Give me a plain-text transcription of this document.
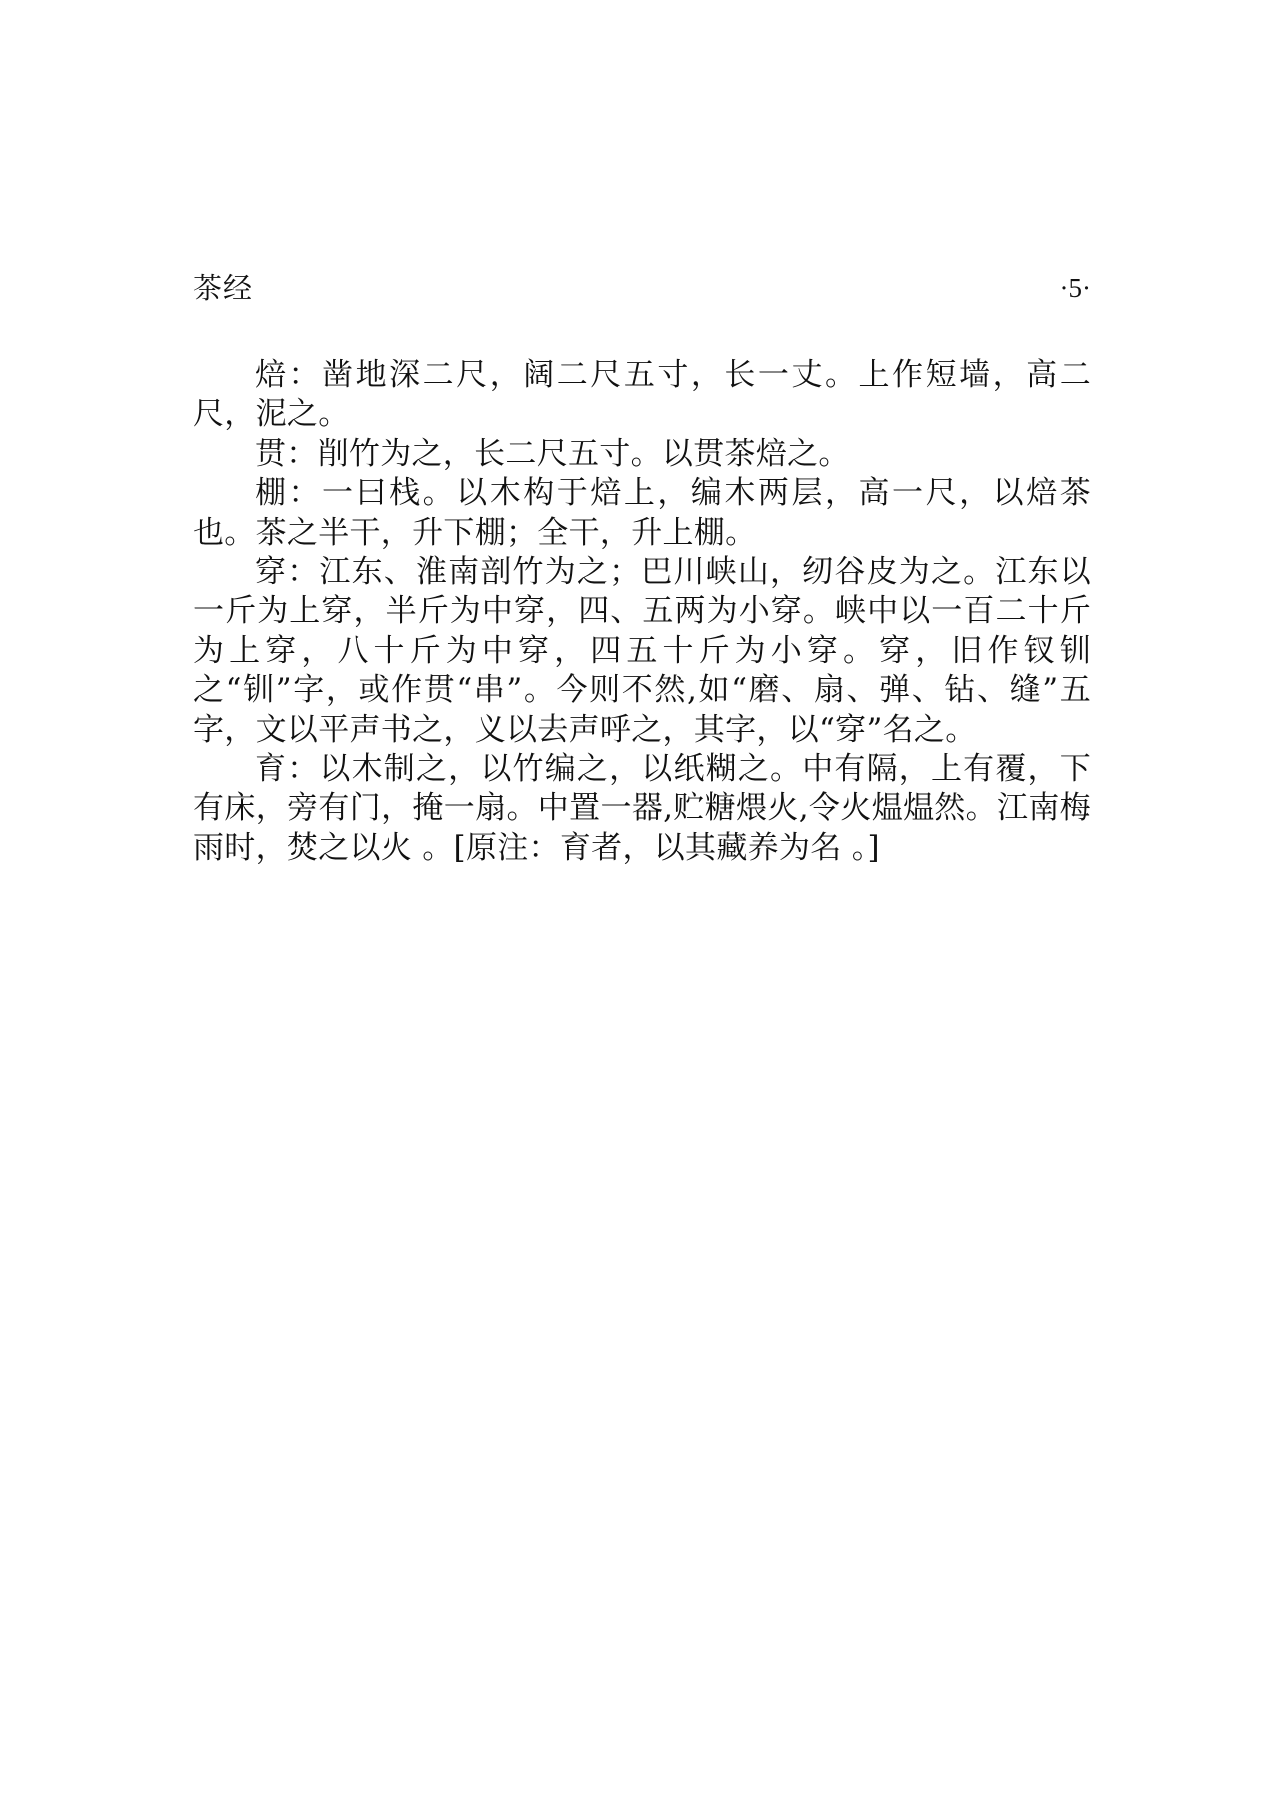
茶经	·5·

焙：凿地深二尺，阔二尺五寸，长一丈。上作短墙，高二尺，泥之。

贯：削竹为之，长二尺五寸。以贯茶焙之。

棚：一曰栈。以木构于焙上，编木两层，高一尺，以焙茶也。茶之半干，升下棚；全干，升上棚。

穿：江东、淮南剖竹为之；巴川峡山，纫谷皮为之。江东以一斤为上穿，半斤为中穿，四、五两为小穿。峡中以一百二十斤为上穿，八十斤为中穿，四五十斤为小穿。穿，旧作钗钏之“钏”字，或作贯“串”。今则不然,如“磨、扇、弹、钻、缝”五字，文以平声书之，义以去声呼之，其字，以“穿”名之。

育：以木制之，以竹编之，以纸糊之。中有隔，上有覆，下有床，旁有门，掩一扇。中置一器,贮糖煨火,令火煴煴然。江南梅雨时，焚之以火 。[原注：育者，以其藏养为名 。]
